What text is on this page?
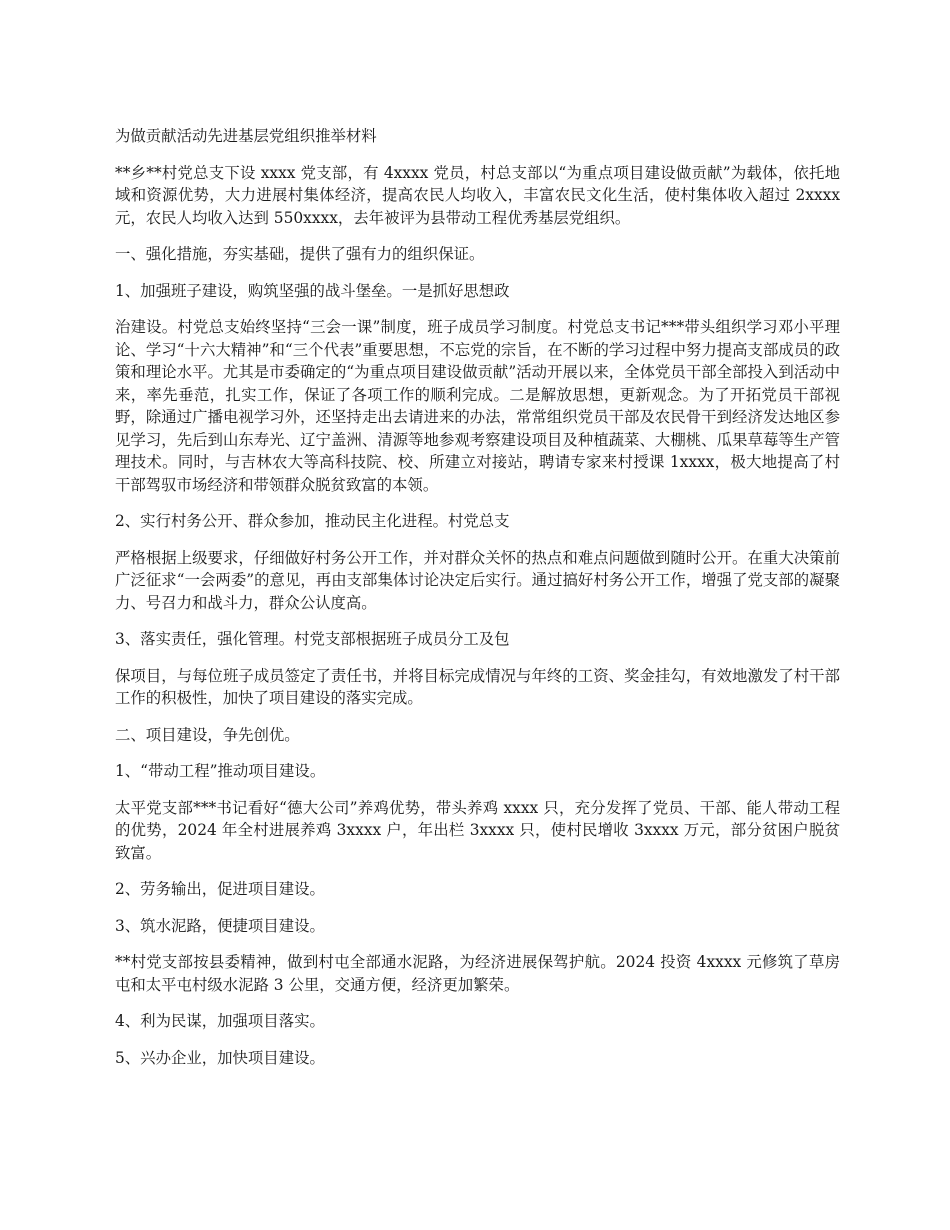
为做贡献活动先进基层党组织推举材料

**乡**村党总支下设 xxxx 党支部，有 4xxxx 党员，村总支部以“为重点项目建设做贡献”为载体，依托地域和资源优势，大力进展村集体经济，提高农民人均收入，丰富农民文化生活，使村集体收入超过 2xxxx 元，农民人均收入达到 550xxxx，去年被评为县带动工程优秀基层党组织。

一、强化措施，夯实基础，提供了强有力的组织保证。

1、加强班子建设，购筑坚强的战斗堡垒。一是抓好思想政

治建设。村党总支始终坚持“三会一课”制度，班子成员学习制度。村党总支书记***带头组织学习邓小平理论、学习“十六大精神”和“三个代表”重要思想，不忘党的宗旨，在不断的学习过程中努力提高支部成员的政策和理论水平。尤其是市委确定的“为重点项目建设做贡献”活动开展以来，全体党员干部全部投入到活动中来，率先垂范，扎实工作，保证了各项工作的顺利完成。二是解放思想，更新观念。为了开拓党员干部视野，除通过广播电视学习外，还坚持走出去请进来的办法，常常组织党员干部及农民骨干到经济发达地区参见学习，先后到山东寿光、辽宁盖洲、清源等地参观考察建设项目及种植蔬菜、大棚桃、瓜果草莓等生产管理技术。同时，与吉林农大等高科技院、校、所建立对接站，聘请专家来村授课 1xxxx，极大地提高了村干部驾驭市场经济和带领群众脱贫致富的本领。

2、实行村务公开、群众参加，推动民主化进程。村党总支

严格根据上级要求，仔细做好村务公开工作，并对群众关怀的热点和难点问题做到随时公开。在重大决策前广泛征求“一会两委”的意见，再由支部集体讨论决定后实行。通过搞好村务公开工作，增强了党支部的凝聚力、号召力和战斗力，群众公认度高。

3、落实责任，强化管理。村党支部根据班子成员分工及包

保项目，与每位班子成员签定了责任书，并将目标完成情况与年终的工资、奖金挂勾，有效地激发了村干部工作的积极性，加快了项目建设的落实完成。

二、项目建设，争先创优。

1、“带动工程”推动项目建设。

太平党支部***书记看好“德大公司”养鸡优势，带头养鸡 xxxx 只，充分发挥了党员、干部、能人带动工程的优势，2024 年全村进展养鸡 3xxxx 户，年出栏 3xxxx 只，使村民增收 3xxxx 万元，部分贫困户脱贫致富。

2、劳务输出，促进项目建设。

3、筑水泥路，便捷项目建设。

**村党支部按县委精神，做到村屯全部通水泥路，为经济进展保驾护航。2024 投资 4xxxx 元修筑了草房屯和太平屯村级水泥路 3 公里，交通方便，经济更加繁荣。

4、利为民谋，加强项目落实。

5、兴办企业，加快项目建设。
